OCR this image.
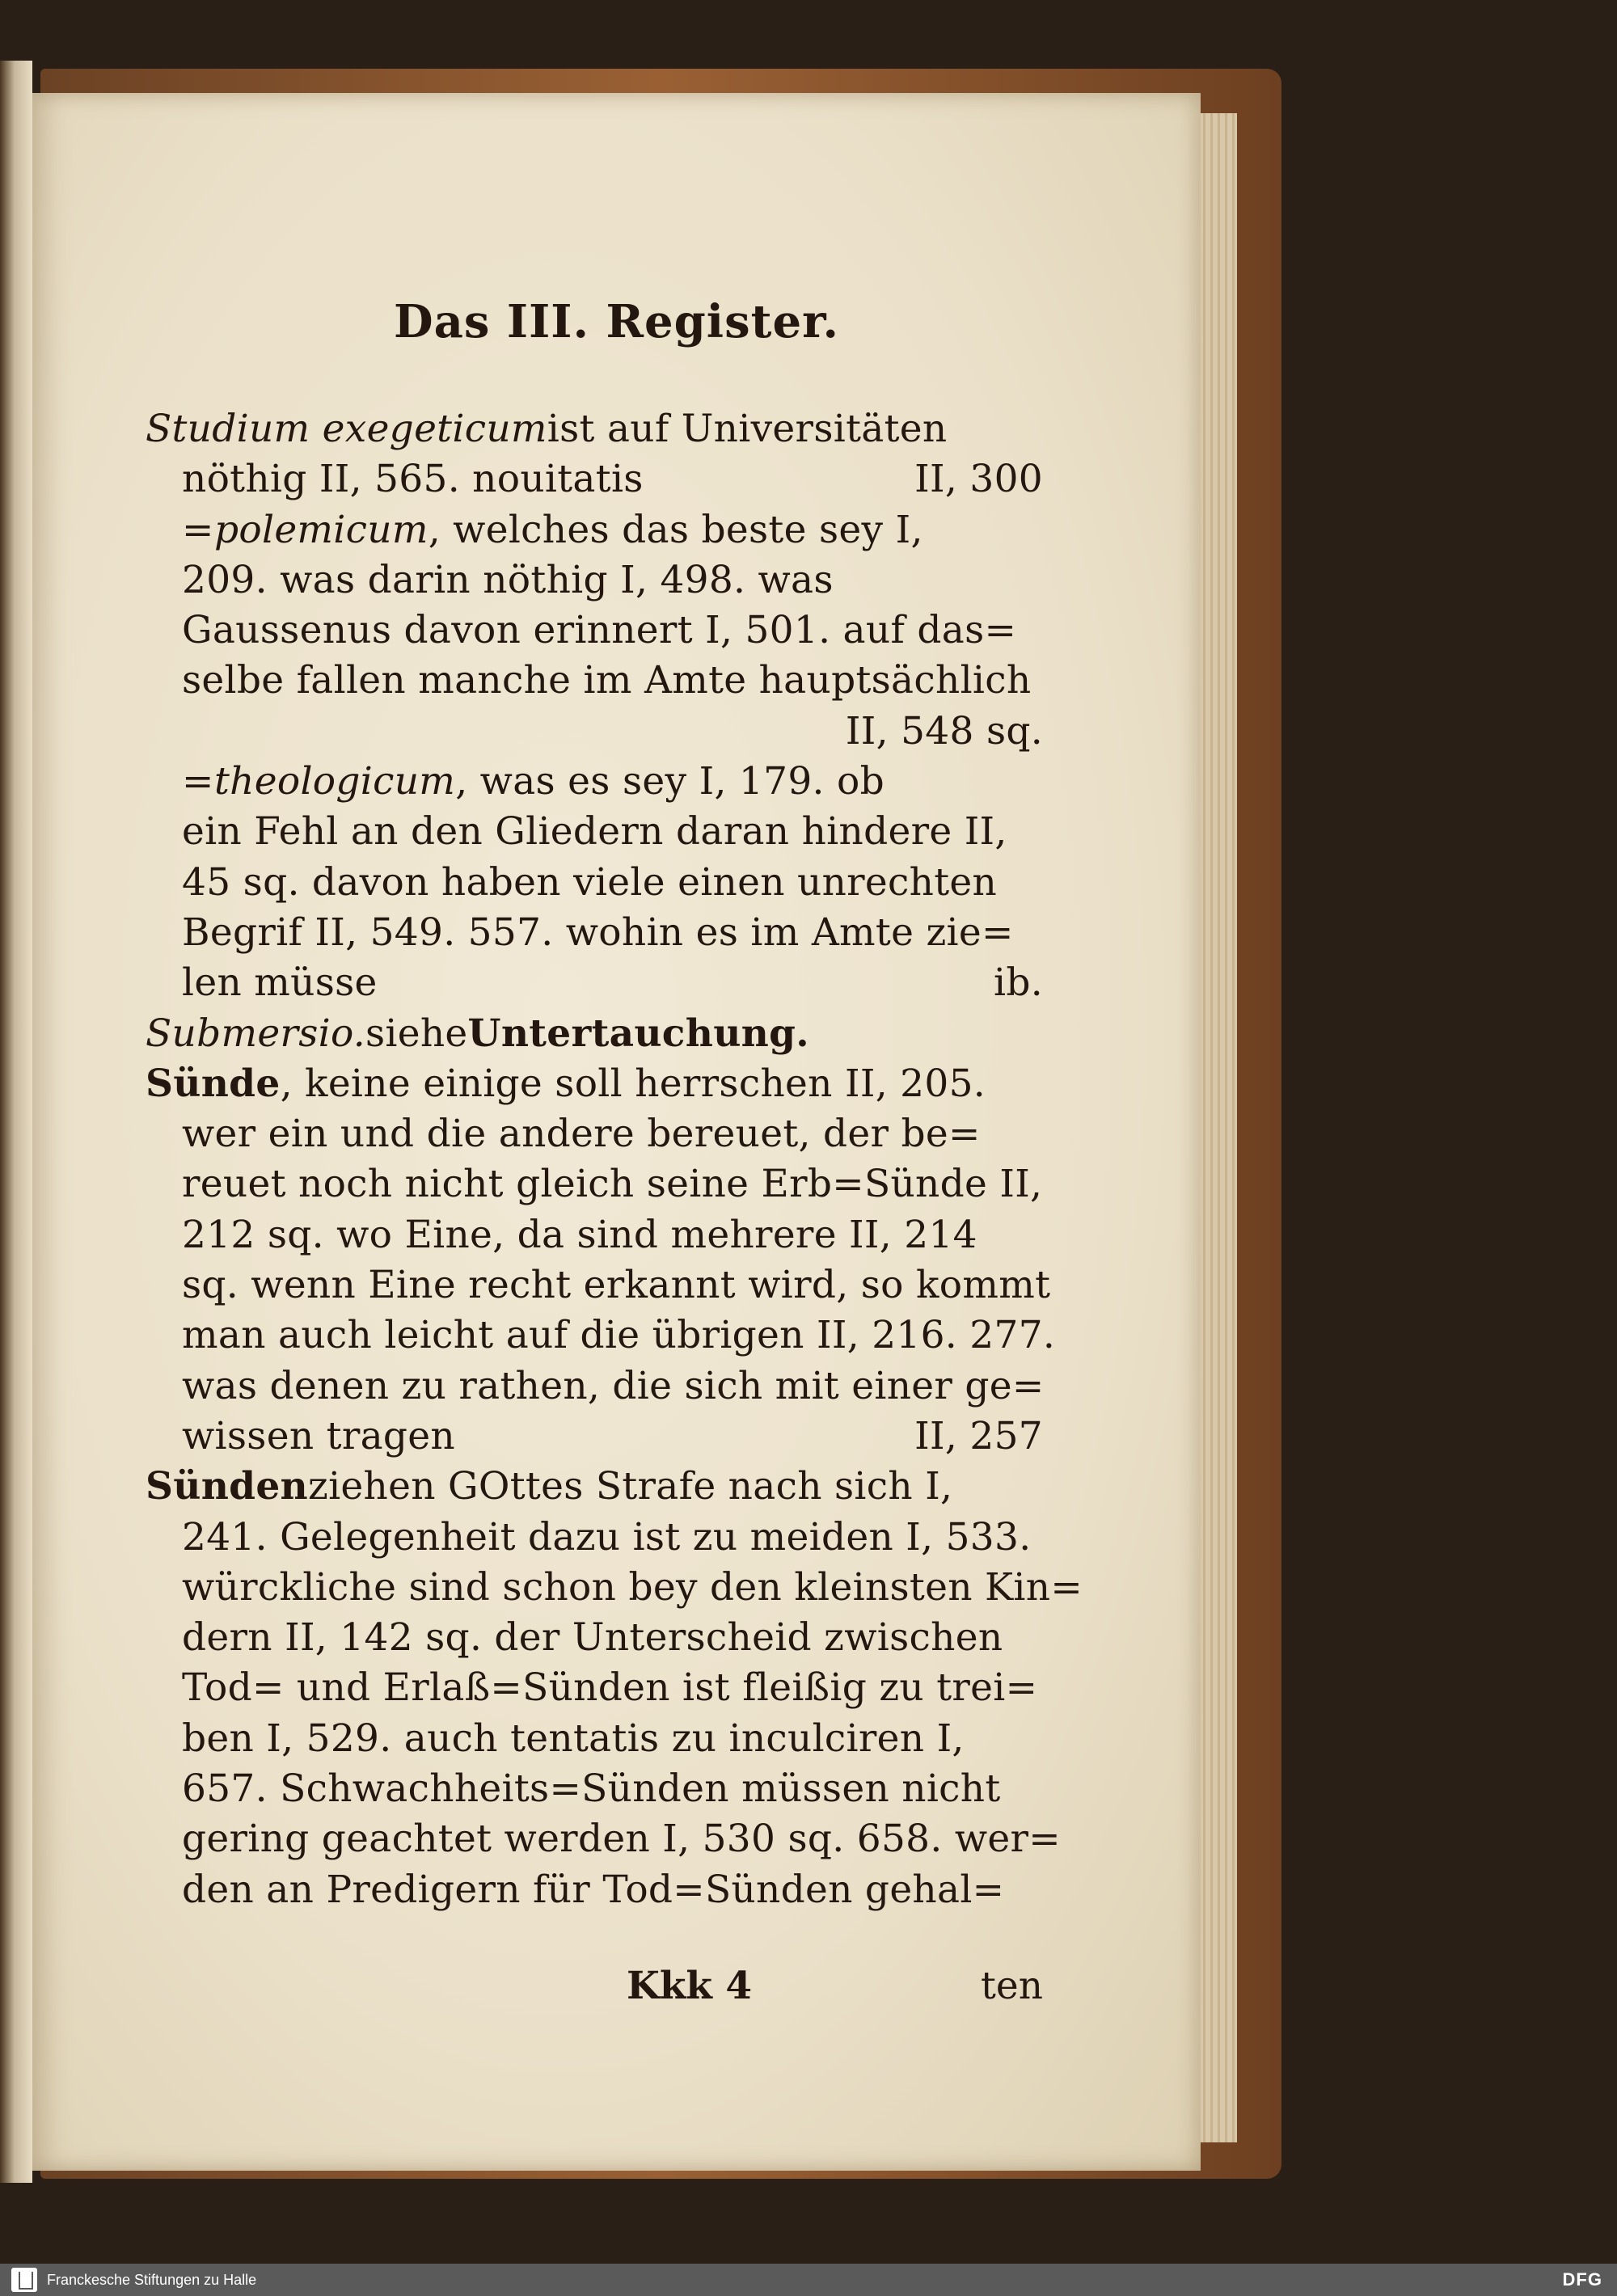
Das III. Register.
Studium exegeticum ist auf Universitäten
nöthig II, 565. nouitatis	II, 300
= polemicum , welches das beste sey I,
209. was darin nöthig I, 498. was
Gaussenus davon erinnert I, 501. auf das=
selbe fallen manche im Amte hauptsächlich
II, 548 sq.
= theologicum , was es sey I, 179. ob
ein Fehl an den Gliedern daran hindere II,
45 sq. davon haben viele einen unrechten
Begrif II, 549. 557. wohin es im Amte zie=
len müsse	ib.
Submersio. siehe Untertauchung.
Sünde , keine einige soll herrschen II, 205.
wer ein und die andere bereuet, der be=
reuet noch nicht gleich seine Erb=Sünde II,
212 sq. wo Eine, da sind mehrere II, 214
sq. wenn Eine recht erkannt wird, so kommt
man auch leicht auf die übrigen II, 216. 277.
was denen zu rathen, die sich mit einer ge=
wissen tragen	II, 257
Sünden ziehen GOttes Strafe nach sich I,
241. Gelegenheit dazu ist zu meiden I, 533.
würckliche sind schon bey den kleinsten Kin=
dern II, 142 sq. der Unterscheid zwischen
Tod= und Erlaß=Sünden ist fleißig zu trei=
ben I, 529. auch tentatis zu inculciren I,
657. Schwachheits=Sünden müssen nicht
gering geachtet werden I, 530 sq. 658. wer=
den an Predigern für Tod=Sünden gehal=
Kkk 4	ten
Franckesche Stiftungen zu Halle	DFG
